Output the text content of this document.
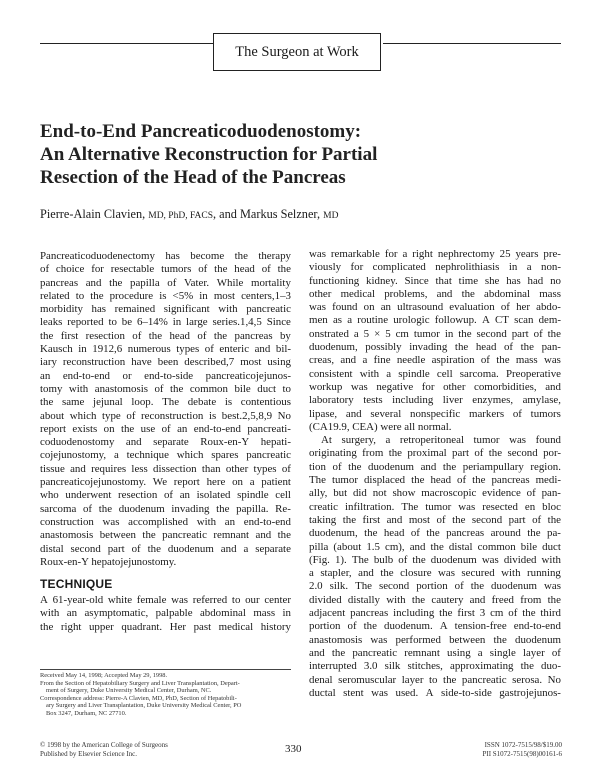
The Surgeon at Work
End-to-End Pancreaticoduodenostomy:
An Alternative Reconstruction for Partial
Resection of the Head of the Pancreas
Pierre-Alain Clavien, MD, PhD, FACS, and Markus Selzner, MD
Pancreaticoduodenectomy has become the therapy
of choice for resectable tumors of the head of the
pancreas and the papilla of Vater. While mortality
related to the procedure is <5% in most centers,1–3
morbidity has remained significant with pancreatic
leaks reported to be 6–14% in large series.1,4,5 Since
the first resection of the head of the pancreas by
Kausch in 1912,6 numerous types of enteric and bil-
iary reconstruction have been described,7 most using
an end-to-end or end-to-side pancreaticojejunos-
tomy with anastomosis of the common bile duct to
the same jejunal loop. The debate is contentious
about which type of reconstruction is best.2,5,8,9 No
report exists on the use of an end-to-end pancreati-
coduodenostomy and separate Roux-en-Y hepati-
cojejunostomy, a technique which spares pancreatic
tissue and requires less dissection than other types of
pancreaticojejunostomy. We report here on a patient
who underwent resection of an isolated spindle cell
sarcoma of the duodenum invading the papilla. Re-
construction was accomplished with an end-to-end
anastomosis between the pancreatic remnant and the
distal second part of the duodenum and a separate
Roux-en-Y hepatojejunostomy.
TECHNIQUE
A 61-year-old white female was referred to our center
with an asymptomatic, palpable abdominal mass in
the right upper quadrant. Her past medical history
was remarkable for a right nephrectomy 25 years pre-
viously for complicated nephrolithiasis in a non-
functioning kidney. Since that time she has had no
other medical problems, and the abdominal mass
was found on an ultrasound evaluation of her abdo-
men as a routine urologic followup. A CT scan dem-
onstrated a 5 × 5 cm tumor in the second part of the
duodenum, possibly invading the head of the pan-
creas, and a fine needle aspiration of the mass was
consistent with a spindle cell sarcoma. Preoperative
workup was negative for other comorbidities, and
laboratory tests including liver enzymes, amylase,
lipase, and several nonspecific markers of tumors
(CA19.9, CEA) were all normal.
At surgery, a retroperitoneal tumor was found
originating from the proximal part of the second por-
tion of the duodenum and the periampullary region.
The tumor displaced the head of the pancreas medi-
ally, but did not show macroscopic evidence of pan-
creatic infiltration. The tumor was resected en bloc
taking the first and most of the second part of the
duodenum, the head of the pancreas around the pa-
pilla (about 1.5 cm), and the distal common bile duct
(Fig. 1). The bulb of the duodenum was divided with
a stapler, and the closure was secured with running
2.0 silk. The second portion of the duodenum was
divided distally with the cautery and freed from the
adjacent pancreas including the first 3 cm of the third
portion of the duodenum. A tension-free end-to-end
anastomosis was performed between the duodenum
and the pancreatic remnant using a single layer of
interrupted 3.0 silk stitches, approximating the duo-
denal seromuscular layer to the pancreatic serosa. No
ductal stent was used. A side-to-side gastrojejunos-
Received May 14, 1998; Accepted May 29, 1998.
From the Section of Hepatobiliary Surgery and Liver Transplantation, Depart-
ment of Surgery, Duke University Medical Center, Durham, NC.
Correspondence address: Pierre-A Clavien, MD, PhD, Section of Hepatobili-
ary Surgery and Liver Transplantation, Duke University Medical Center, PO
Box 3247, Durham, NC 27710.
© 1998 by the American College of Surgeons
Published by Elsevier Science Inc.	330	ISSN 1072-7515/98/$19.00
PII S1072-7515(98)00161-6
